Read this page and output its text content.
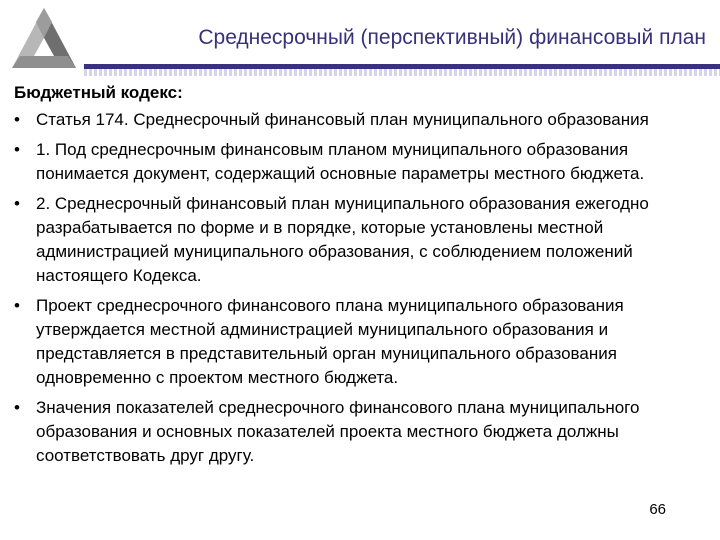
Среднесрочный (перспективный) финансовый план
Бюджетный кодекс:
• Статья 174. Среднесрочный финансовый план муниципального образования
• 1. Под среднесрочным финансовым планом муниципального образования понимается документ, содержащий основные параметры местного бюджета.
• 2. Среднесрочный финансовый план муниципального образования ежегодно разрабатывается по форме и в порядке, которые установлены местной администрацией муниципального образования, с соблюдением положений настоящего Кодекса.
• Проект среднесрочного финансового плана муниципального образования утверждается местной администрацией муниципального образования и представляется в представительный орган муниципального образования одновременно с проектом местного бюджета.
• Значения показателей среднесрочного финансового плана муниципального образования и основных показателей проекта местного бюджета должны соответствовать друг другу.
66
